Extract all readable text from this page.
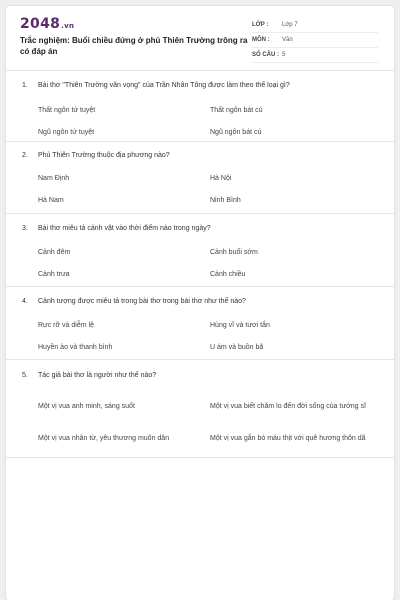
2048.vn
Trắc nghiệm: Buổi chiều đứng ở phủ Thiên Trường trông ra có đáp án
LỚP :	Lớp 7
MÔN :	Văn
SỐ CÂU : 5
1.	Bài thơ "Thiên Trường vãn vọng" của Trần Nhân Tông được làm theo thể loại gì?
Thất ngôn tứ tuyệt	Thất ngôn bát cú
Ngũ ngôn tứ tuyệt	Ngũ ngôn bát cú
2.	Phủ Thiên Trường thuộc địa phương nào?
Nam Định	Hà Nội
Hà Nam	Ninh Bình
3.	Bài thơ miêu tả cảnh vật vào thời điểm nào trong ngày?
Cảnh đêm	Cảnh buổi sớm
Cảnh trưa	Cảnh chiều
4.	Cảnh tượng được miêu tả trong bài thơ trong bài thơ như thế nào?
Rực rỡ và diễm lệ	Hùng vĩ và tươi tắn
Huyền ảo và thanh bình	U ám và buồn bã
5.	Tác giả bài thơ là người như thế nào?
Một vị vua anh minh, sáng suốt	Một vị vua biết chăm lo đến đời sống của tướng sĩ
Một vị vua nhân từ, yêu thương muôn dân	Một vị vua gắn bó máu thịt với quê hương thôn dã
